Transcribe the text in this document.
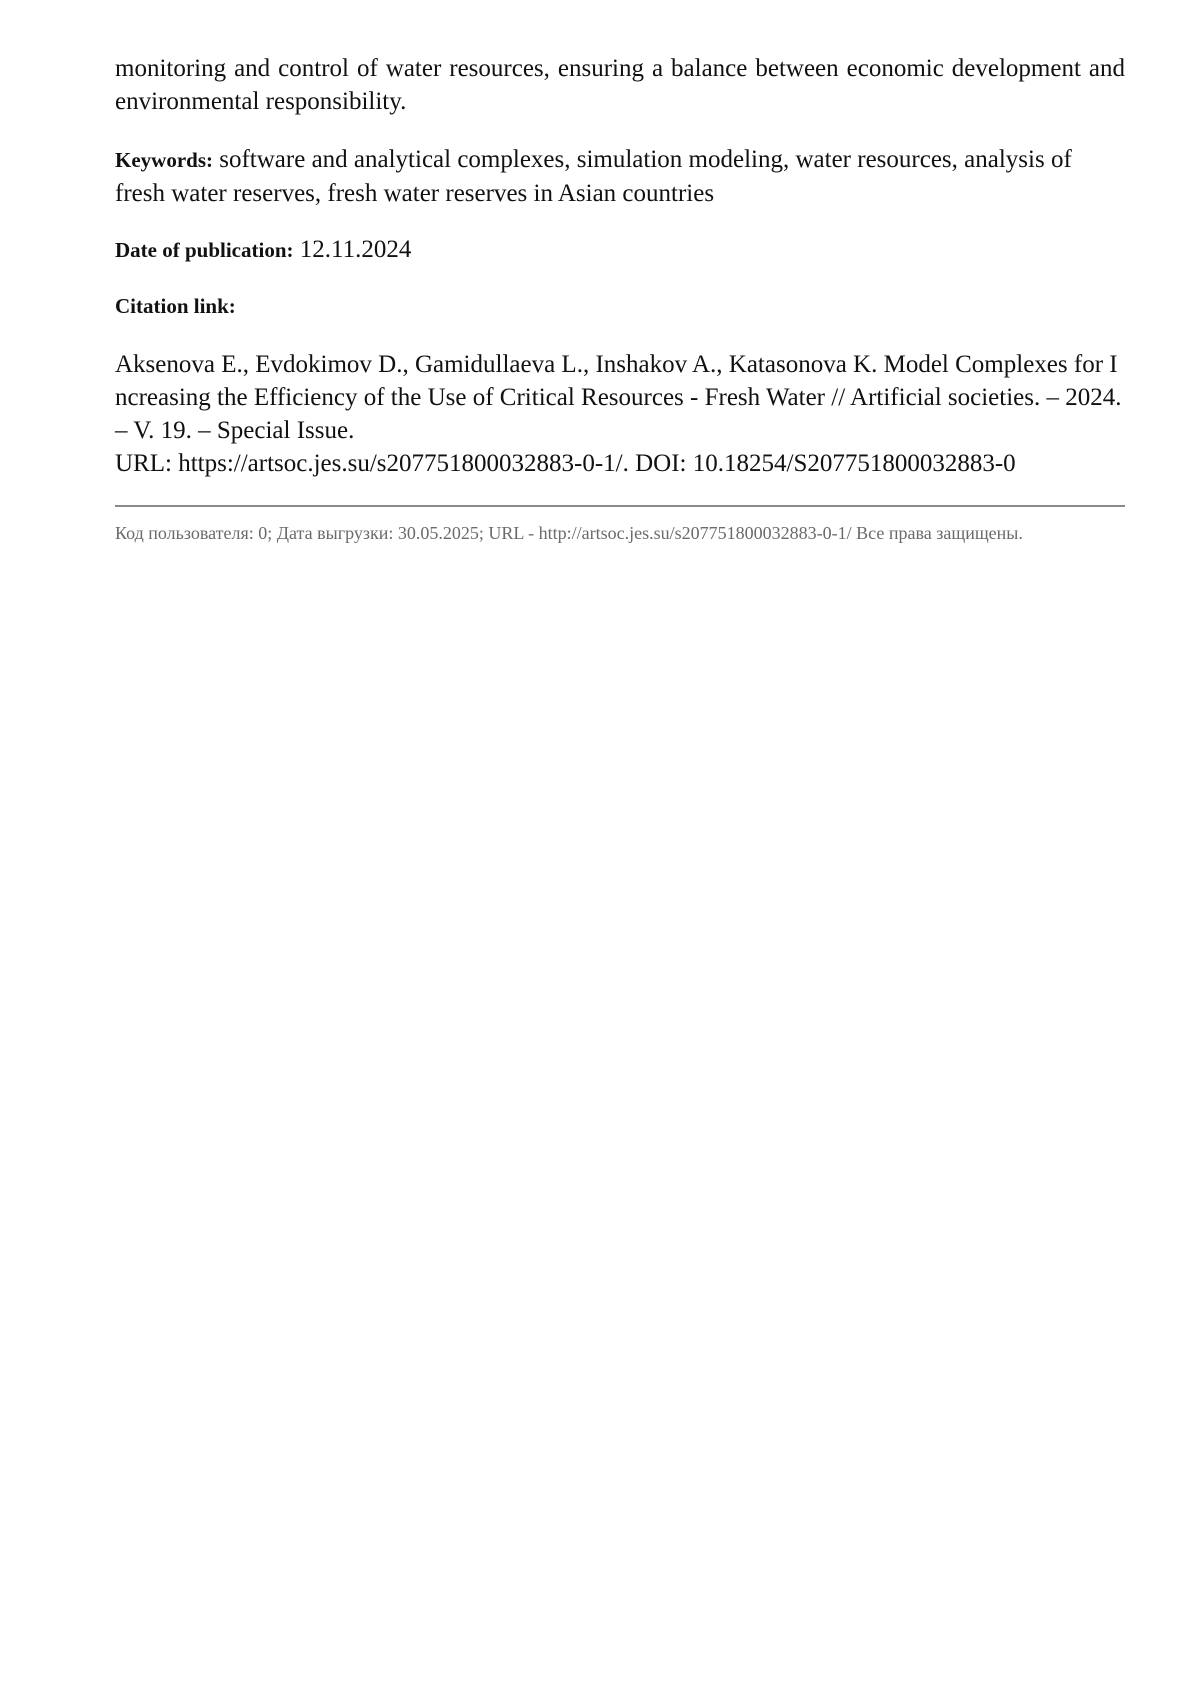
monitoring and control of water resources, ensuring a balance between economic development and environmental responsibility.

Keywords: software and analytical complexes, simulation modeling, water resources, analysis of fresh water reserves, fresh water reserves in Asian countries

Date of publication: 12.11.2024

Citation link:

Aksenova E., Evdokimov D., Gamidullaeva L., Inshakov A., Katasonova K. Model Complexes for Increasing the Efficiency of the Use of Critical Resources - Fresh Water // Artificial societies. – 2024. – V. 19. – Special Issue.
URL: https://artsoc.jes.su/s207751800032883-0-1/. DOI: 10.18254/S207751800032883-0

Код пользователя: 0; Дата выгрузки: 30.05.2025; URL - http://artsoc.jes.su/s207751800032883-0-1/ Все права защищены.
